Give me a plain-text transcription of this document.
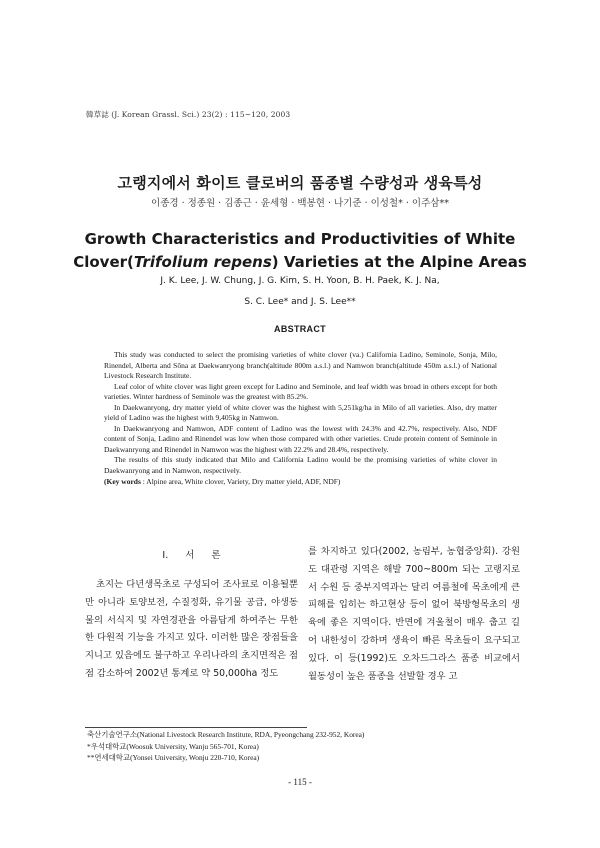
韓草誌 (J. Korean Grassl. Sci.) 23(2) : 115~120, 2003
고랭지에서 화이트 클로버의 품종별 수량성과 생육특성
이종경 · 정종원 · 김종근 · 윤세형 · 백봉현 · 나기준 · 이성철* · 이주삼**
Growth Characteristics and Productivities of White
Clover(Trifolium repens) Varieties at the Alpine Areas
J. K. Lee, J. W. Chung, J. G. Kim, S. H. Yoon, B. H. Paek, K. J. Na,
S. C. Lee* and J. S. Lee**
ABSTRACT

This study was conducted to select the promising varieties of white clover (va.) California Ladino, Seminole, Sonja, Milo, Rinendel, Alberta and Sōna at Daekwanryong branch(altitude 800m a.s.l.) and Namwon branch(altitude 450m a.s.l.) of National Livestock Research Institute.

Leaf color of white clover was light green except for Ladino and Seminole, and leaf width was broad in others except for both varieties. Winter hardness of Seminole was the greatest with 85.2%.

In Daekwanryong, dry matter yield of white clover was the highest with 5,251kg/ha in Milo of all varieties. Also, dry matter yield of Ladino was the highest with 9,405kg in Namwon.

In Daekwanryong and Namwon, ADF content of Ladino was the lowest with 24.3% and 42.7%, respectively. Also, NDF content of Sonja, Ladino and Rinendel was low when those compared with other varieties. Crude protein content of Seminole in Daekwanryong and Rinendel in Namwon was the highest with 22.2% and 28.4%, respectively.

The results of this study indicated that Milo and California Ladino would be the promising varieties of white clover in Daekwanryong and in Namwon, respectively.

(Key words : Alpine area, White clover, Variety, Dry matter yield, ADF, NDF)

Ⅰ. 서 론

초지는 다년생목초로 구성되어 조사료로 이용될뿐만 아니라 토양보전, 수질정화, 유기물 공급, 야생동물의 서식지 및 자연경관을 아름답게 하여주는 무한한 다원적 기능을 가지고 있다. 이러한 많은 장점들을 지니고 있음에도 불구하고 우리나라의 초지면적은 점점 감소하여 2002년 통계로 약 50,000ha 정도

를 차지하고 있다(2002, 농림부, 농협중앙회). 강원도 대관령 지역은 해발 700~800m 되는 고랭지로서 수원 등 중부지역과는 달리 여름철에 목초에게 큰 피해를 입히는 하고현상 등이 없어 북방형목초의 생육에 좋은 지역이다. 반면에 겨울철이 매우 춥고 길어 내한성이 강하며 생육이 빠른 목초들이 요구되고 있다. 이 등(1992)도 오차드그라스 품종 비교에서 월동성이 높은 품종을 선발할 경우 고

축산기술연구소(National Livestock Research Institute, RDA, Pyeongchang 232-952, Korea)
*우석대학교(Woosuk University, Wanju 565-701, Korea)
**연세대학교(Yonsei University, Wonju 220-710, Korea)
- 115 -
